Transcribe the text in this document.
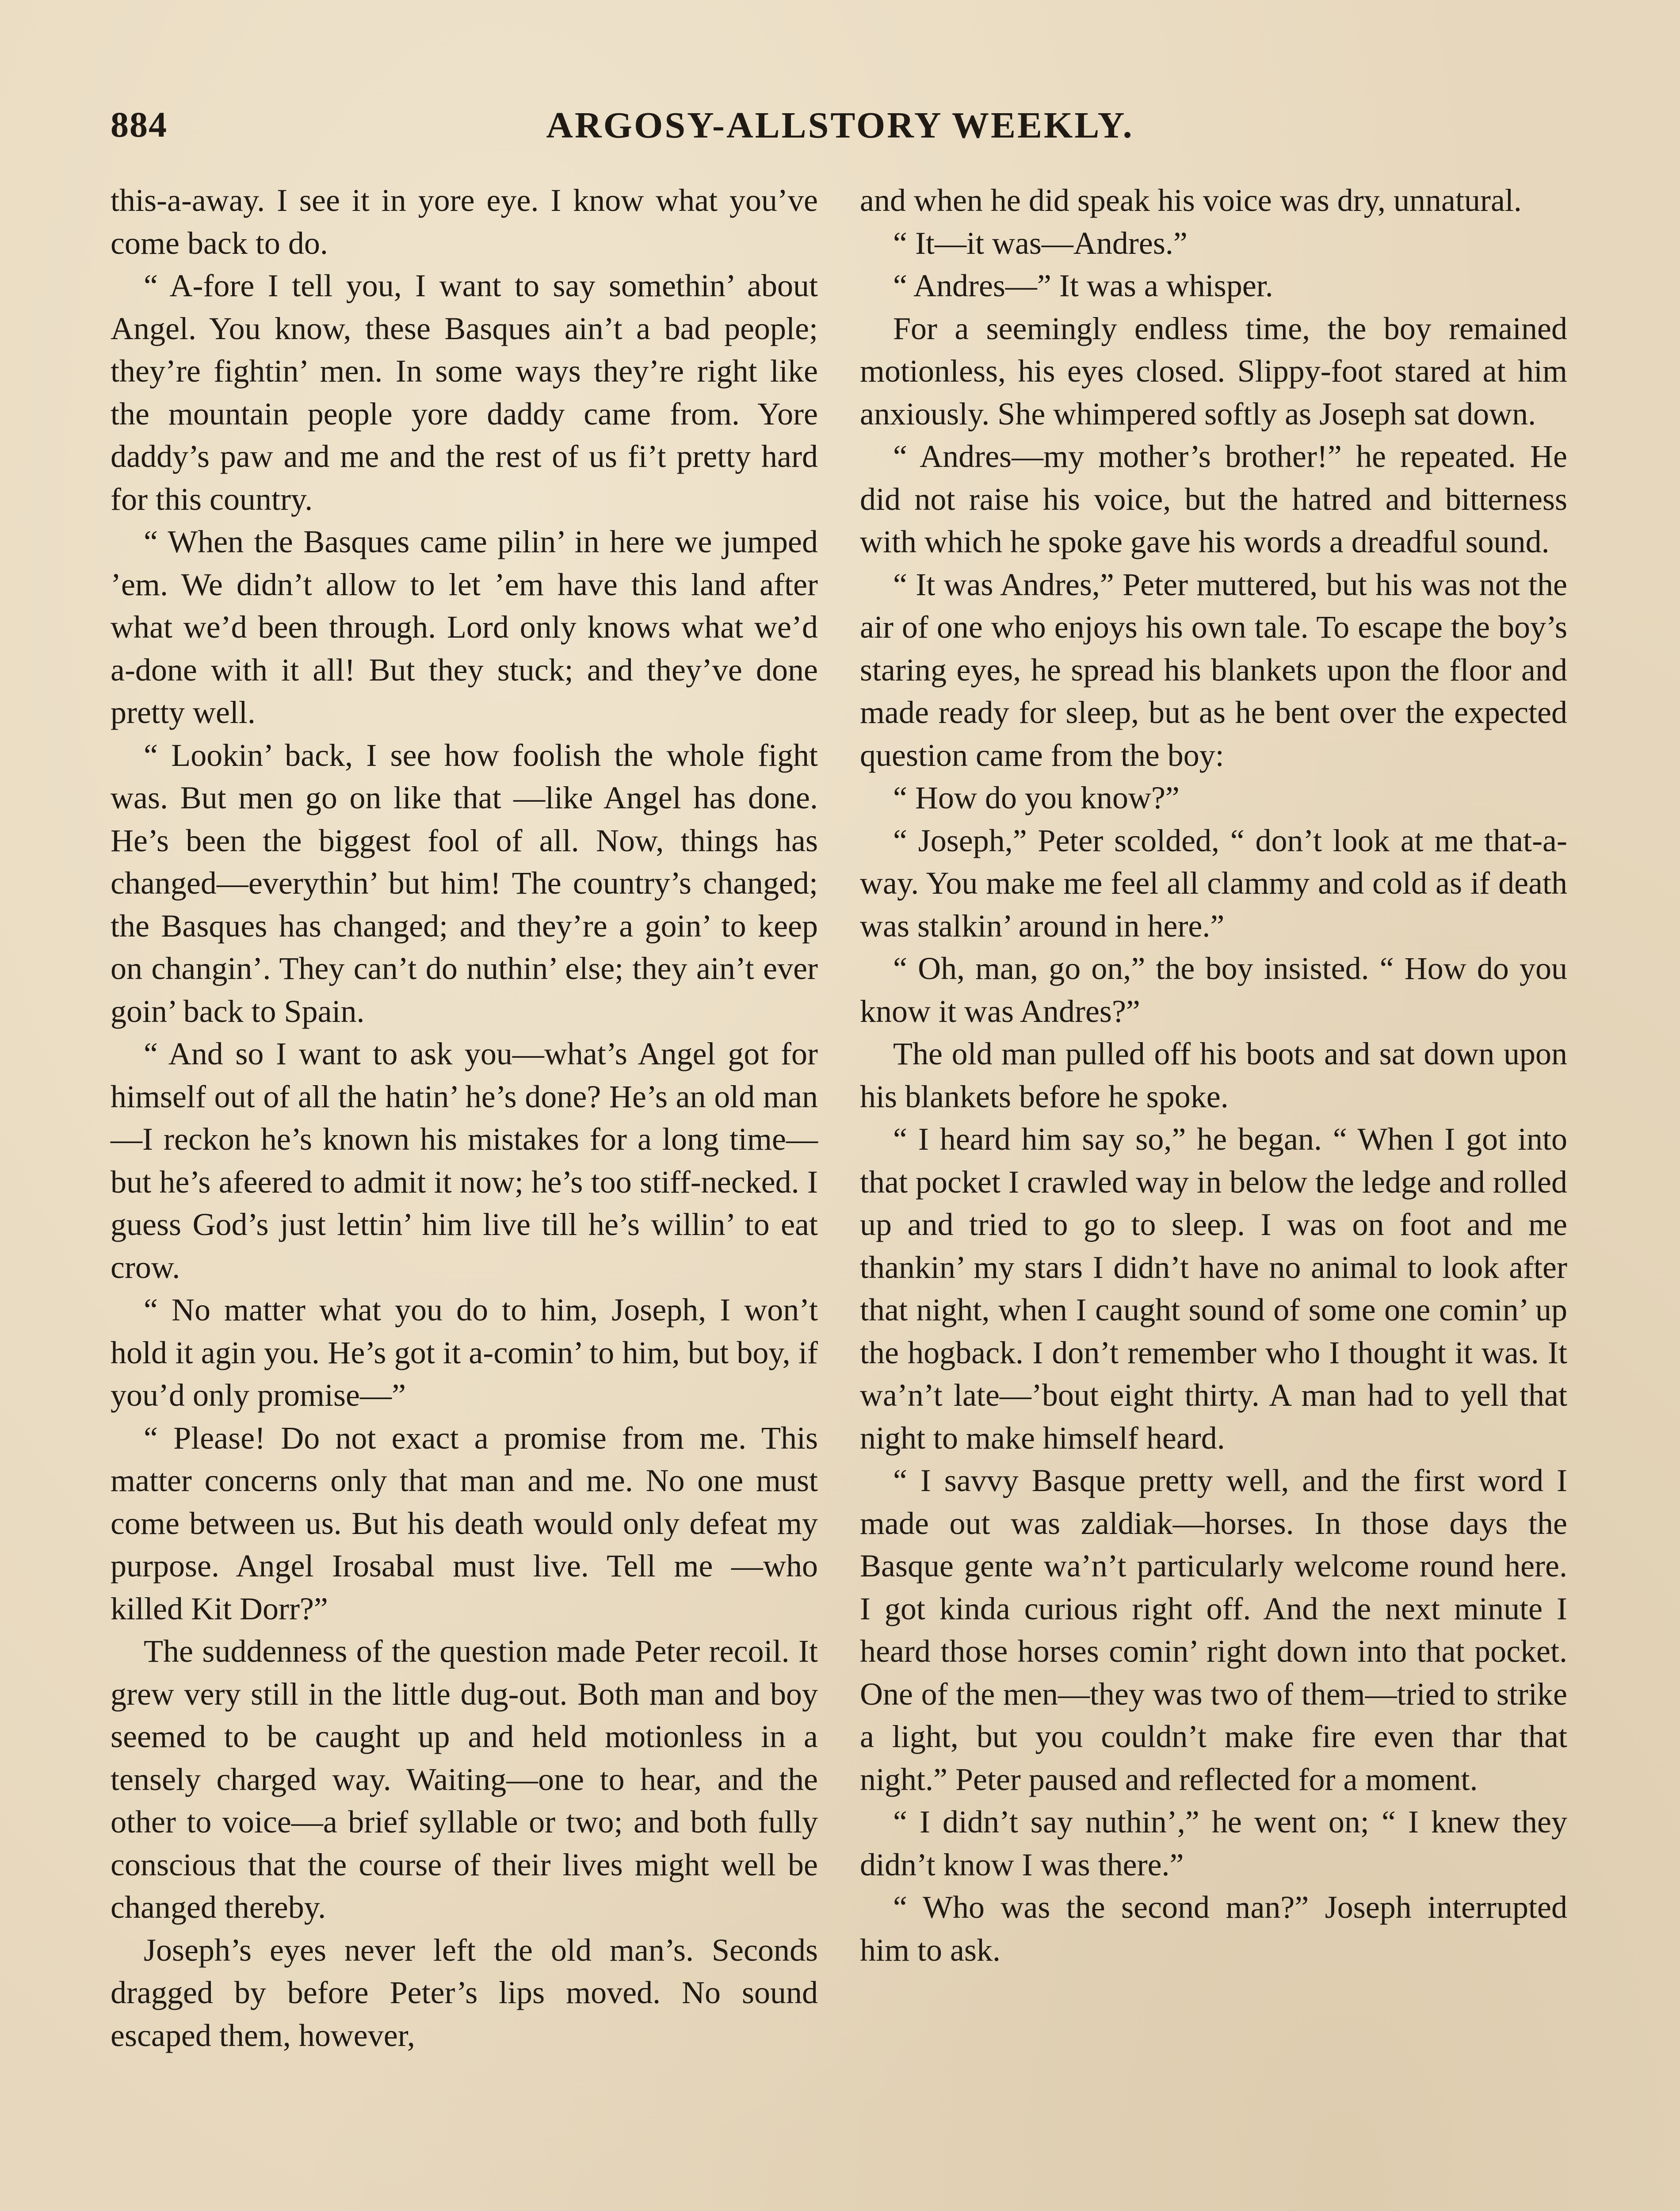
884	ARGOSY-ALLSTORY WEEKLY.

this-a-away. I see it in yore eye. I know what you’ve come back to do.

“ A-fore I tell you, I want to say somethin’ about Angel. You know, these Basques ain’t a bad people; they’re fightin’ men. In some ways they’re right like the mountain people yore daddy came from. Yore daddy’s paw and me and the rest of us fi’t pretty hard for this country.

“ When the Basques came pilin’ in here we jumped ’em. We didn’t allow to let ’em have this land after what we’d been through. Lord only knows what we’d a-done with it all! But they stuck; and they’ve done pretty well.

“ Lookin’ back, I see how foolish the whole fight was. But men go on like that —like Angel has done. He’s been the biggest fool of all. Now, things has changed—everythin’ but him! The country’s changed; the Basques has changed; and they’re a goin’ to keep on changin’. They can’t do nuthin’ else; they ain’t ever goin’ back to Spain.

“ And so I want to ask you—what’s Angel got for himself out of all the hatin’ he’s done? He’s an old man—I reckon he’s known his mistakes for a long time—but he’s afeered to admit it now; he’s too stiff-necked. I guess God’s just lettin’ him live till he’s willin’ to eat crow.

“ No matter what you do to him, Joseph, I won’t hold it agin you. He’s got it a-comin’ to him, but boy, if you’d only promise—”

“ Please! Do not exact a promise from me. This matter concerns only that man and me. No one must come between us. But his death would only defeat my purpose. Angel Irosabal must live. Tell me —who killed Kit Dorr?”

The suddenness of the question made Peter recoil. It grew very still in the little dug-out. Both man and boy seemed to be caught up and held motionless in a tensely charged way. Waiting—one to hear, and the other to voice—a brief syllable or two; and both fully conscious that the course of their lives might well be changed thereby.

Joseph’s eyes never left the old man’s. Seconds dragged by before Peter’s lips moved. No sound escaped them, however,

and when he did speak his voice was dry, unnatural.

“ It—it was—Andres.”

“ Andres—” It was a whisper.

For a seemingly endless time, the boy remained motionless, his eyes closed. Slippy-foot stared at him anxiously. She whimpered softly as Joseph sat down.

“ Andres—my mother’s brother!” he repeated. He did not raise his voice, but the hatred and bitterness with which he spoke gave his words a dreadful sound.

“ It was Andres,” Peter muttered, but his was not the air of one who enjoys his own tale. To escape the boy’s staring eyes, he spread his blankets upon the floor and made ready for sleep, but as he bent over the expected question came from the boy:

“ How do you know?”

“ Joseph,” Peter scolded, “ don’t look at me that-a-way. You make me feel all clammy and cold as if death was stalkin’ around in here.”

“ Oh, man, go on,” the boy insisted. “ How do you know it was Andres?”

The old man pulled off his boots and sat down upon his blankets before he spoke.

“ I heard him say so,” he began. “ When I got into that pocket I crawled way in below the ledge and rolled up and tried to go to sleep. I was on foot and me thankin’ my stars I didn’t have no animal to look after that night, when I caught sound of some one comin’ up the hogback. I don’t remember who I thought it was. It wa’n’t late—’bout eight thirty. A man had to yell that night to make himself heard.

“ I savvy Basque pretty well, and the first word I made out was zaldiak—horses. In those days the Basque gente wa’n’t particularly welcome round here. I got kinda curious right off. And the next minute I heard those horses comin’ right down into that pocket. One of the men—they was two of them—tried to strike a light, but you couldn’t make fire even thar that night.” Peter paused and reflected for a moment.

“ I didn’t say nuthin’,” he went on; “ I knew they didn’t know I was there.”

“ Who was the second man?” Joseph interrupted him to ask.
